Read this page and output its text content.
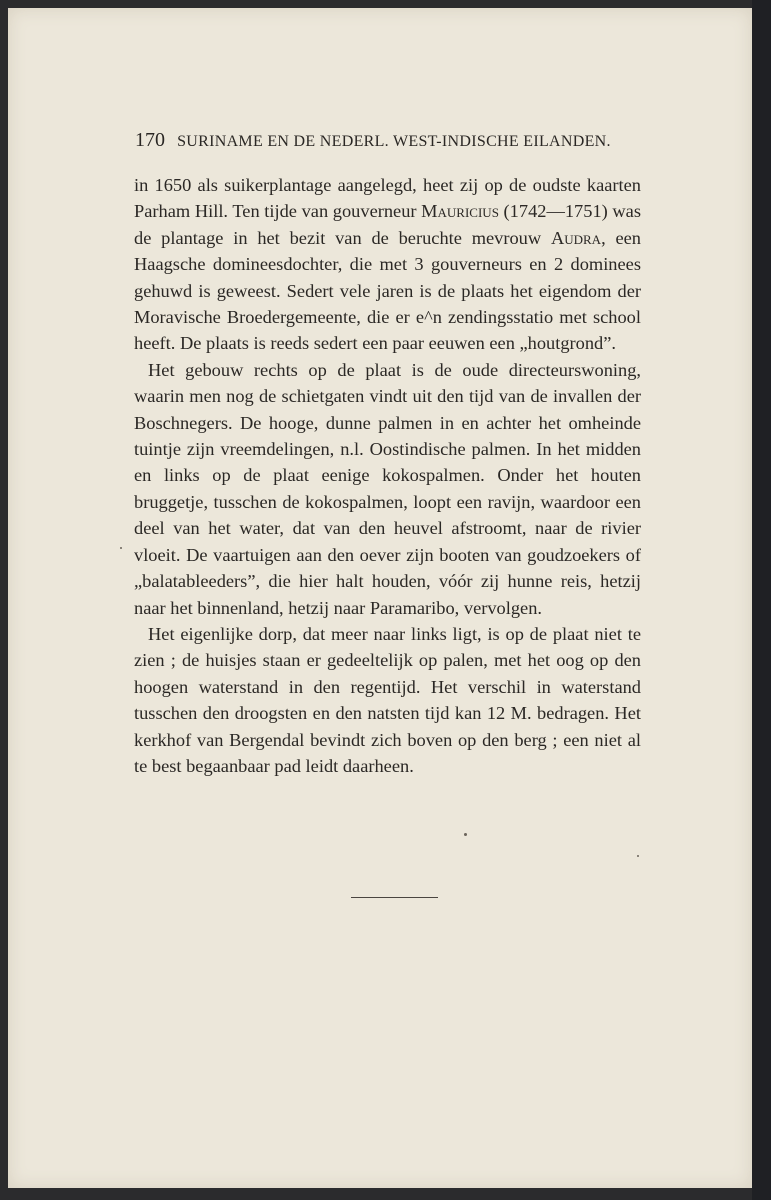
170 SURINAME EN DE NEDERL. WEST-INDISCHE EILANDEN.

in 1650 als suikerplantage aangelegd, heet zij op de oudste kaarten Parham Hill. Ten tijde van gouverneur Mauricius (1742—1751) was de plantage in het bezit van de beruchte mevrouw Audra, een Haagsche domineesdochter, die met 3 gouverneurs en 2 dominees gehuwd is geweest. Sedert vele jaren is de plaats het eigendom der Moravische Broedergemeente, die er e^n zendingsstatio met school heeft. De plaats is reeds sedert een paar eeuwen een „houtgrond”.

Het gebouw rechts op de plaat is de oude directeurswoning, waarin men nog de schietgaten vindt uit den tijd van de invallen der Boschnegers. De hooge, dunne palmen in en achter het omheinde tuintje zijn vreemdelingen, n.l. Oostindische palmen. In het midden en links op de plaat eenige kokospalmen. Onder het houten bruggetje, tusschen de kokospalmen, loopt een ravijn, waardoor een deel van het water, dat van den heuvel afstroomt, naar de rivier vloeit. De vaartuigen aan den oever zijn booten van goudzoekers of „balatableeders”, die hier halt houden, vóór zij hunne reis, hetzij naar het binnenland, hetzij naar Paramaribo, vervolgen.

Het eigenlijke dorp, dat meer naar links ligt, is op de plaat niet te zien ; de huisjes staan er gedeeltelijk op palen, met het oog op den hoogen waterstand in den regentijd. Het verschil in waterstand tusschen den droogsten en den natsten tijd kan 12 M. bedragen. Het kerkhof van Bergendal bevindt zich boven op den berg ; een niet al te best begaanbaar pad leidt daarheen.
